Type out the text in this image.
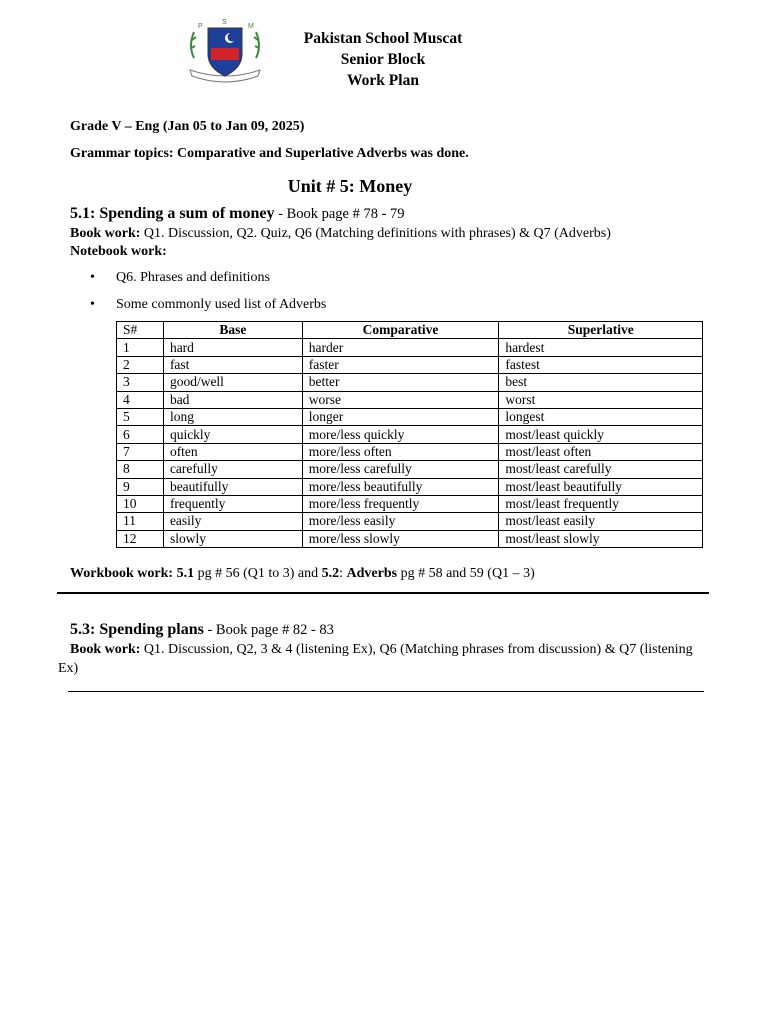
P
S
M
Pakistan School Muscat
Senior Block
Work Plan
Grade V – Eng (Jan 05 to Jan 09, 2025)
Grammar topics: Comparative and Superlative Adverbs was done.
Unit # 5: Money
5.1: Spending a sum of money - Book page # 78 - 79
Book work: Q1. Discussion, Q2. Quiz, Q6 (Matching definitions with phrases) & Q7 (Adverbs)
Notebook work:
• Q6. Phrases and definitions
• Some commonly used list of Adverbs
S#	Base	Comparative	Superlative
1	hard	harder	hardest
2	fast	faster	fastest
3	good/well	better	best
4	bad	worse	worst
5	long	longer	longest
6	quickly	more/less quickly	most/least quickly
7	often	more/less often	most/least often
8	carefully	more/less carefully	most/least carefully
9	beautifully	more/less beautifully	most/least beautifully
10	frequently	more/less frequently	most/least frequently
11	easily	more/less easily	most/least easily
12	slowly	more/less slowly	most/least slowly
Workbook work: 5.1 pg # 56 (Q1 to 3) and 5.2: Adverbs pg # 58 and 59 (Q1 – 3)
5.3: Spending plans - Book page # 82 - 83
Book work: Q1. Discussion, Q2, 3 & 4 (listening Ex), Q6 (Matching phrases from discussion) & Q7 (listening Ex)
